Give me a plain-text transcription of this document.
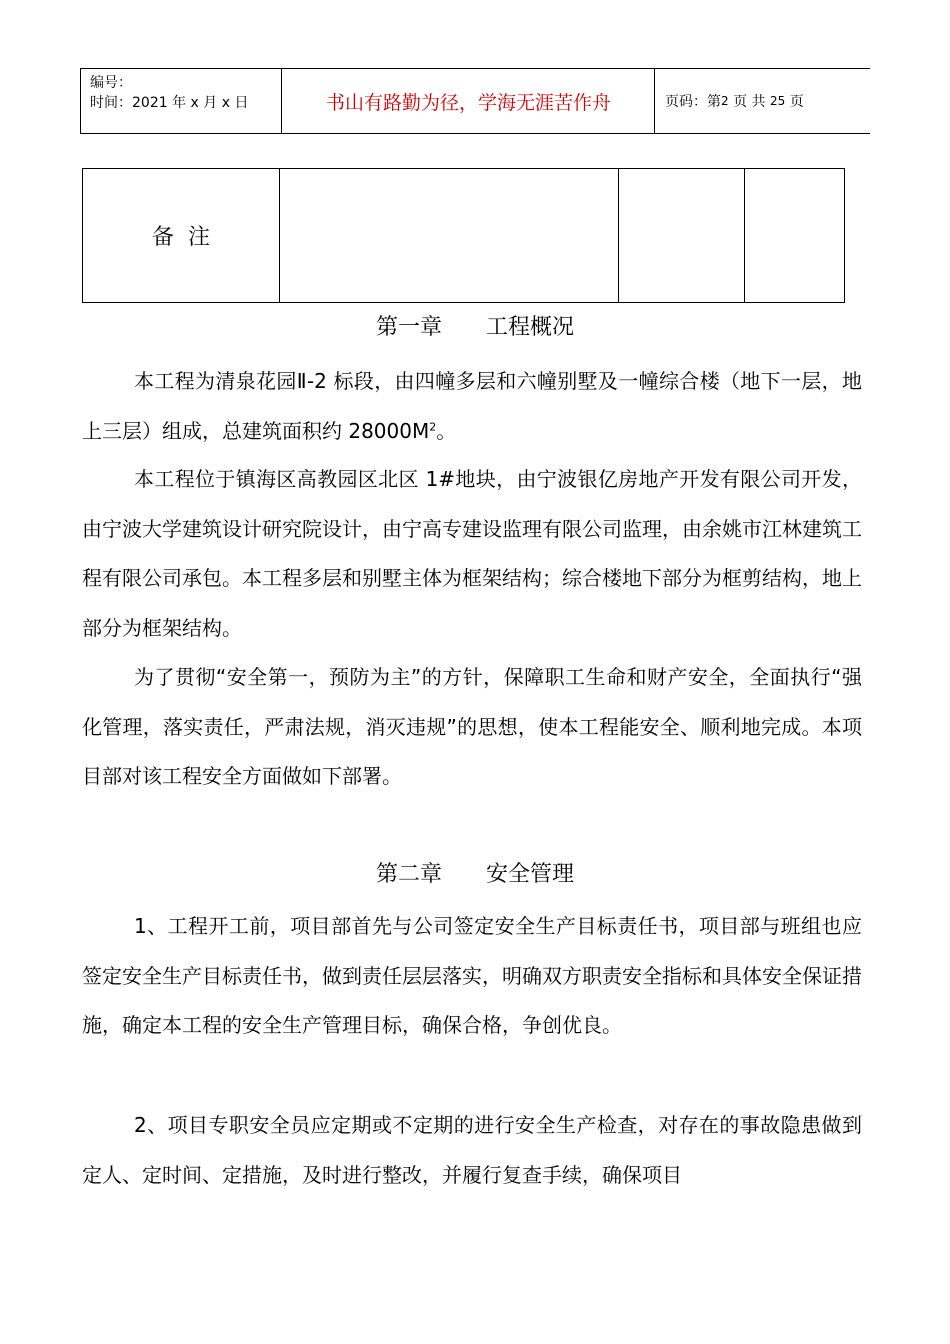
编号：
时间：2021 年 x 月 x 日	书山有路勤为径，学海无涯苦作舟	页码：第 2
页 共
25
页
备注			
第一章 工程概况

本工程为清泉花园Ⅱ-2 标段，由四幢多层和六幢别墅及一幢综合楼（地下一层，地上三层）组成，总建筑面积约 $28000M^2$。

本工程位于镇海区高教园区北区 1#地块，由宁波银亿房地产开发有限公司开发，由宁波大学建筑设计研究院设计，由宁高专建设监理有限公司监理，由余姚市江林建筑工程有限公司承包。本工程多层和别墅主体为框架结构；综合楼地下部分为框剪结构，地上部分为框架结构。

为了贯彻“安全第一，预防为主”的方针，保障职工生命和财产安全，全面执行“强化管理，落实责任，严肃法规，消灭违规”的思想，使本工程能安全、顺利地完成。本项目部对该工程安全方面做如下部署。

第二章 安全管理

1、工程开工前，项目部首先与公司签定安全生产目标责任书，项目部与班组也应签定安全生产目标责任书，做到责任层层落实，明确双方职责安全指标和具体安全保证措施，确定本工程的安全生产管理目标，确保合格，争创优良。

2、项目专职安全员应定期或不定期的进行安全生产检查，对存在的事故隐患做到定人、定时间、定措施，及时进行整改，并履行复查手续，确保项目
